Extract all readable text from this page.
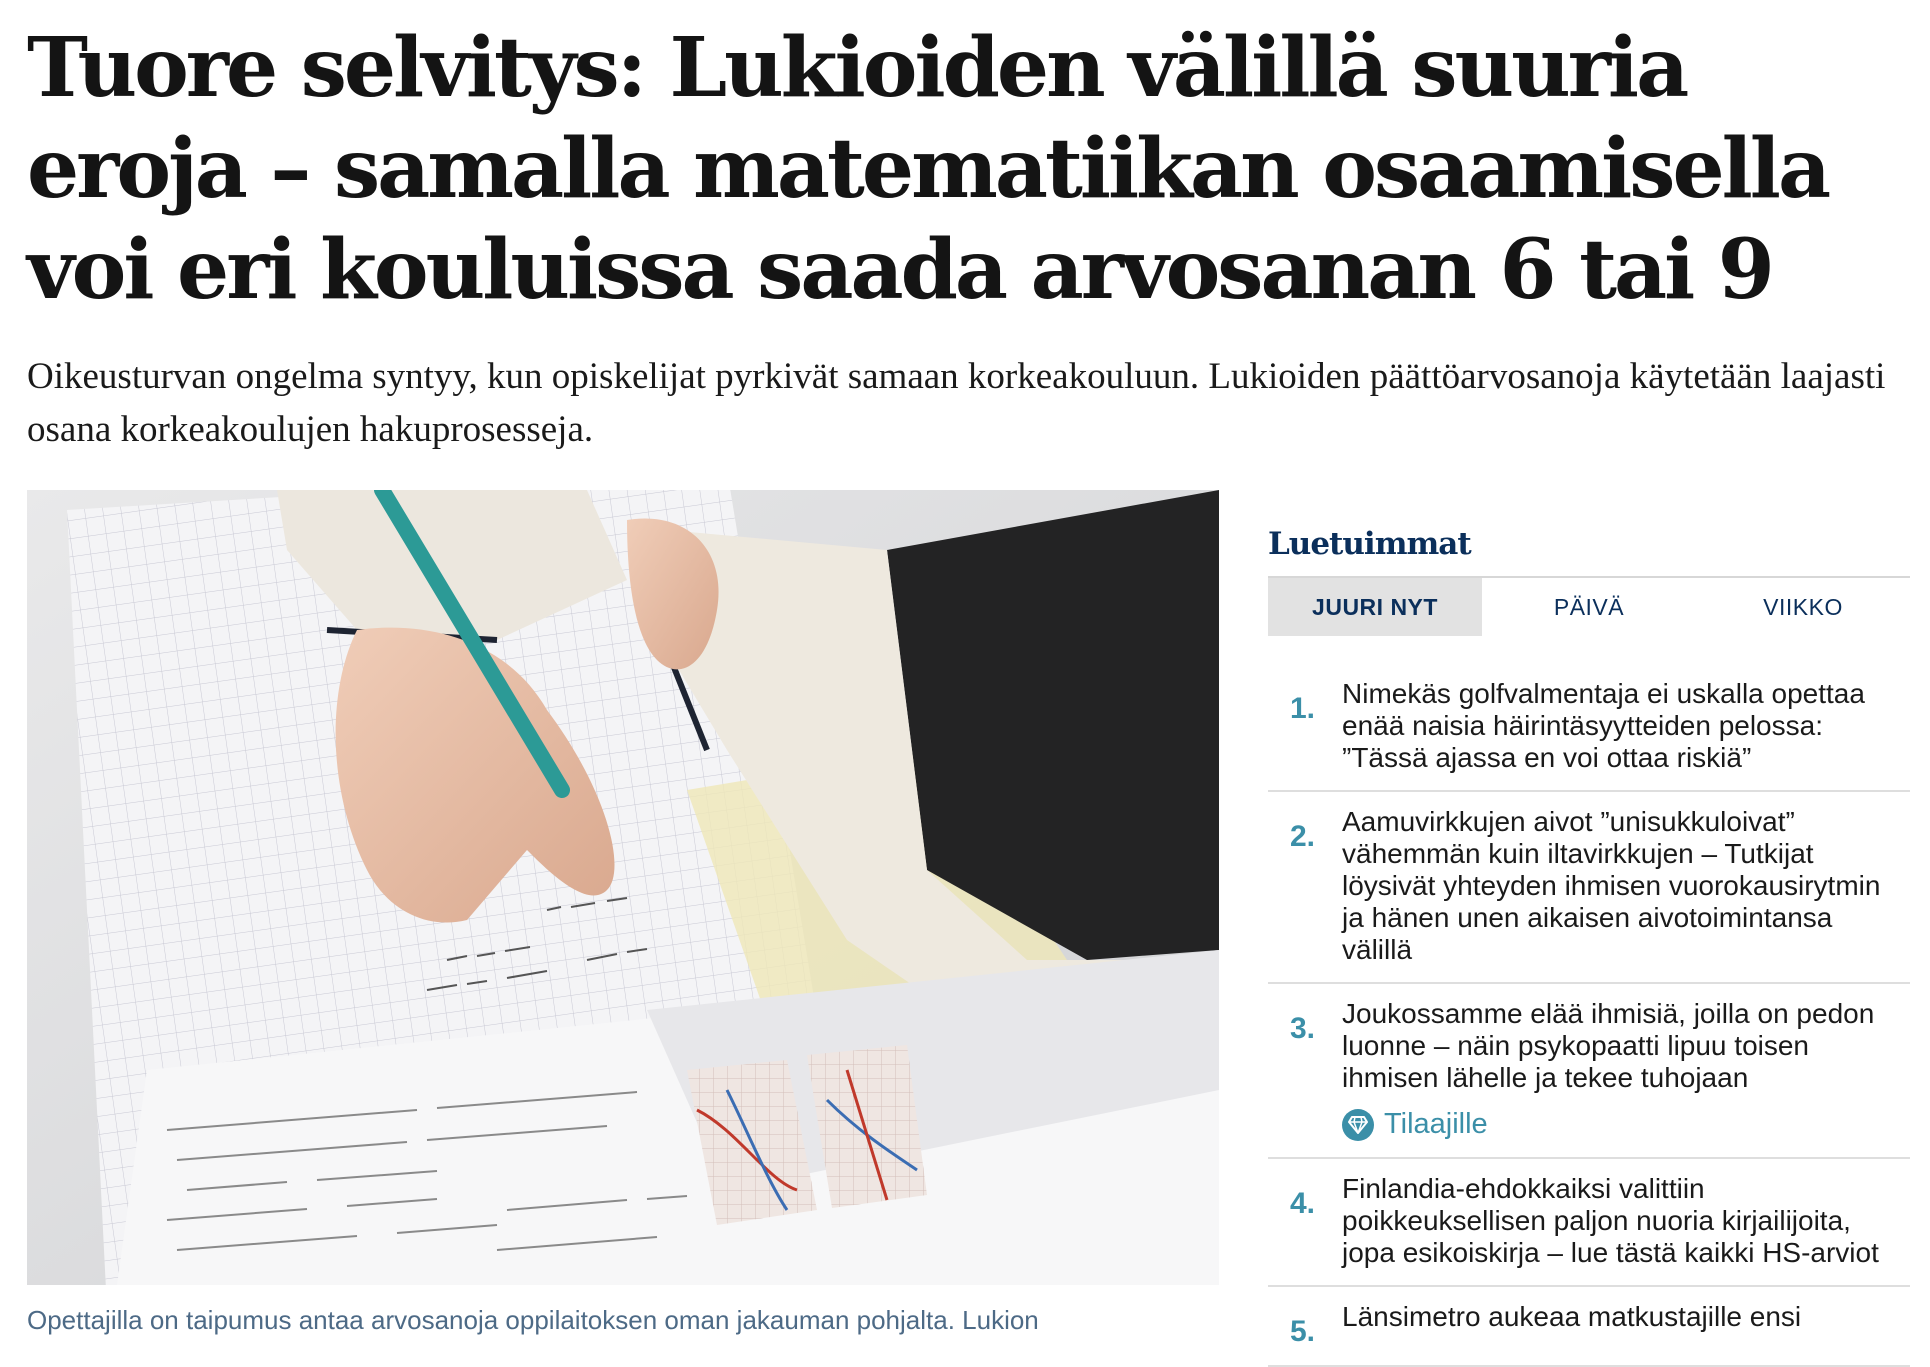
Tuore selvitys: Lukioiden välillä suuria eroja – samalla matematiikan osaamisella voi eri kouluissa saada arvosanan 6 tai 9

Oikeusturvan ongelma syntyy, kun opiskelijat pyrkivät samaan korkeakouluun. Lukioiden päättöarvosanoja käytetään laajasti osana korkeakoulujen hakuprosesseja.

Opettajilla on taipumus antaa arvosanoja oppilaitoksen oman jakauman pohjalta. Lukion

Luetuimmat
JUURI NYT	PÄIVÄ	VIIKKO
1. Nimekäs golfvalmentaja ei uskalla opettaa enää naisia häirintäsyytteiden pelossa: ”Tässä ajassa en voi ottaa riskiä”
2. Aamuvirkkujen aivot ”unisukkuloivat” vähemmän kuin iltavirkkujen – Tutkijat löysivät yhteyden ihmisen vuorokausirytmin ja hänen unen aikaisen aivotoimintansa välillä
3. Joukossamme elää ihmisiä, joilla on pedon luonne – näin psykopaatti lipuu toisen ihmisen lähelle ja tekee tuhojaan
Tilaajille
4. Finlandia-ehdokkaiksi valittiin poikkeuksellisen paljon nuoria kirjailijoita, jopa esikoiskirja – lue tästä kaikki HS-arviot
5. Länsimetro aukeaa matkustajille ensi
